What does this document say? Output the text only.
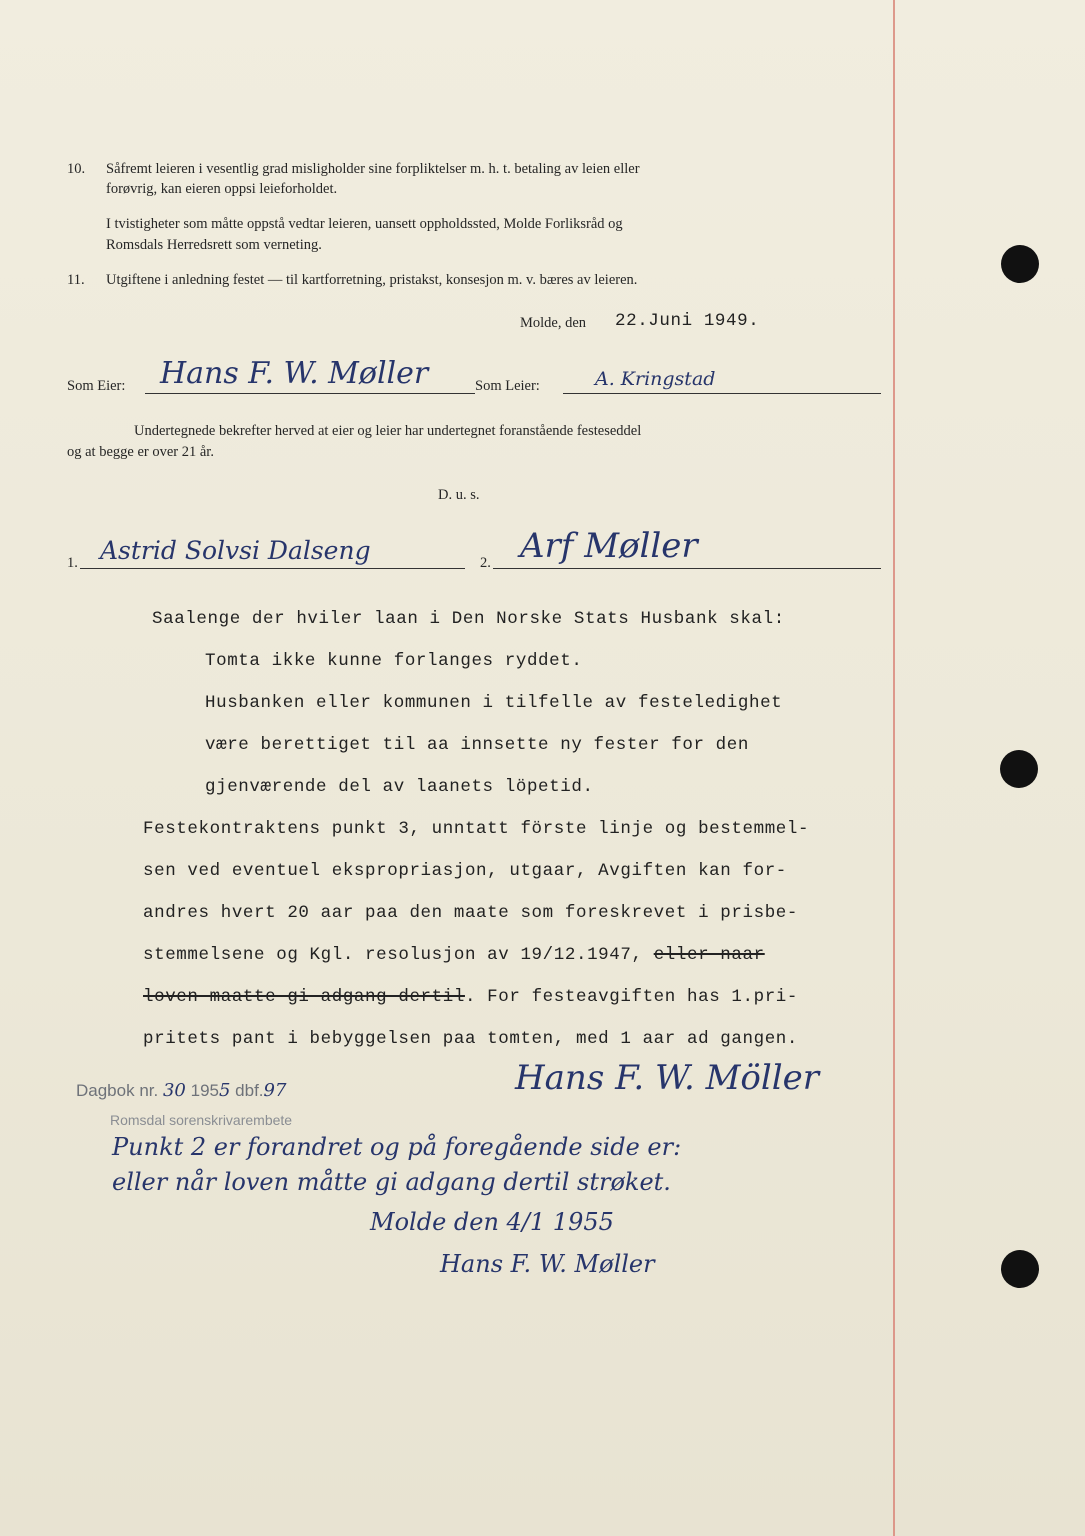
10. Såfremt leieren i vesentlig grad misligholder sine forpliktelser m. h. t. betaling av leien eller
forøvrig, kan eieren oppsi leieforholdet.
I tvistigheter som måtte oppstå vedtar leieren, uansett oppholdssted, Molde Forliksråd og
Romsdals Herredsrett som verneting.
11. Utgiftene i anledning festet — til kartforretning, pristakst, konsesjon m. v. bæres av leieren.
Molde, den 22.Juni 1949.
Som Eier: Hans F. W. Møller	Som Leier:	A. Kringstad
Undertegnede bekrefter herved at eier og leier har undertegnet foranstående festeseddel
og at begge er over 21 år.
D. u. s.
1. Astrid Solvsi Dalseng	2. Arf Møller
Saalenge der hviler laan i Den Norske Stats Husbank skal:
Tomta ikke kunne forlanges ryddet.
Husbanken eller kommunen i tilfelle av festeledighet
være berettiget til aa innsette ny fester for den
gjenværende del av laanets löpetid.
Festekontraktens punkt 3, unntatt förste linje og bestemmel-
sen ved eventuel ekspropriasjon, utgaar, Avgiften kan for-
andres hvert 20 aar paa den maate som foreskrevet i prisbe-
stemmelsene og Kgl. resolusjon av 19/12.1947, eller naar
loven maatte gi adgang dertil. For festeavgiften has 1.pri-
pritets pant i bebyggelsen paa tomten, med 1 aar ad gangen.
Hans F. W. Möller
Dagbok nr. 30 1955 dbf.97
Romsdal sorenskrivarembete
Punkt 2 er forandret og på foregående side er:
eller når loven måtte gi adgang dertil strøket.
Molde den 4/1 1955
Hans F. W. Møller
